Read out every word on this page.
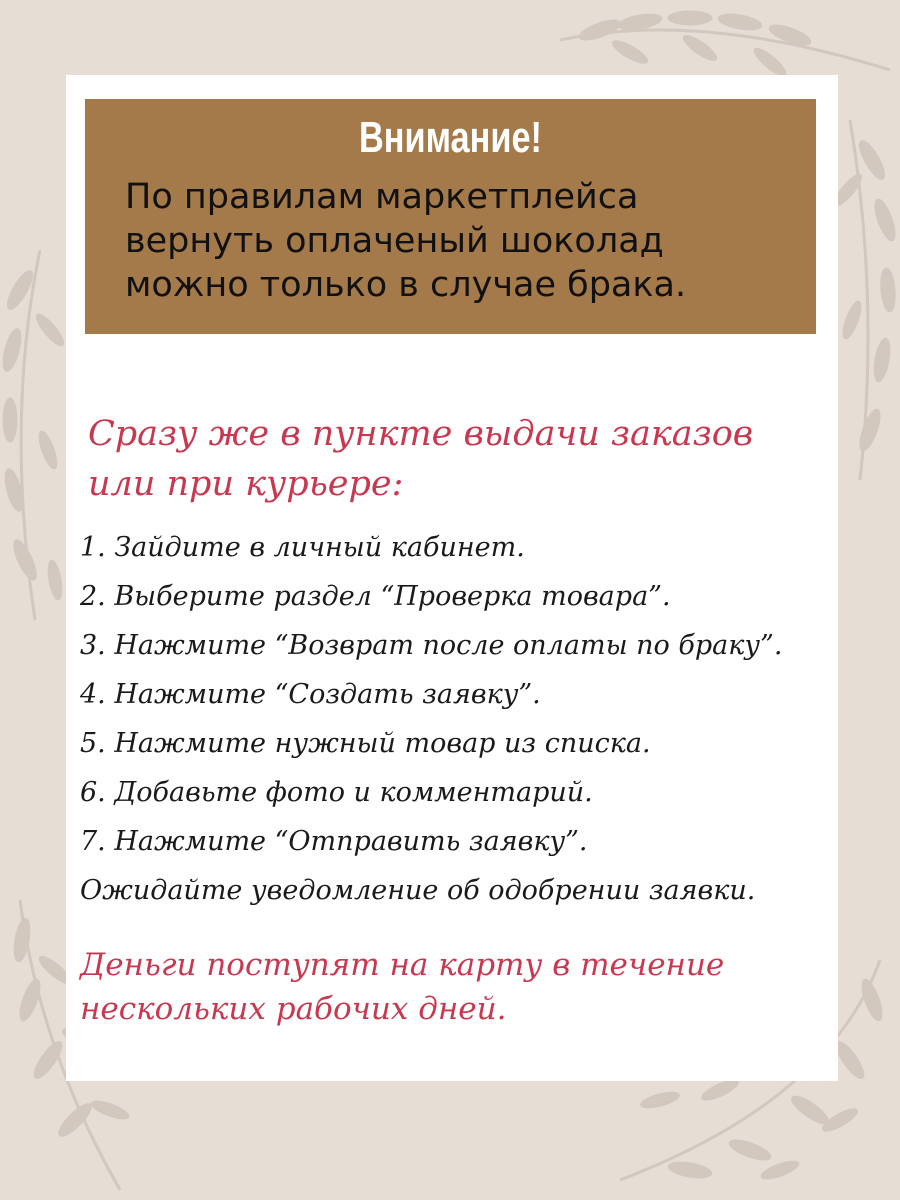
Внимание!
По правилам маркетплейса
вернуть оплаченый шоколад
можно только в случае брака.
Сразу же в пункте выдачи заказов
или при курьере:
1. Зайдите в личный кабинет.
2. Выберите раздел “Проверка товара”.
3. Нажмите “Возврат после оплаты по браку”.
4. Нажмите “Создать заявку”.
5. Нажмите нужный товар из списка.
6. Добавьте фото и комментарий.
7. Нажмите “Отправить заявку”.
Ожидайте уведомление об одобрении заявки.
Деньги поступят на карту в течение
нескольких рабочих дней.
